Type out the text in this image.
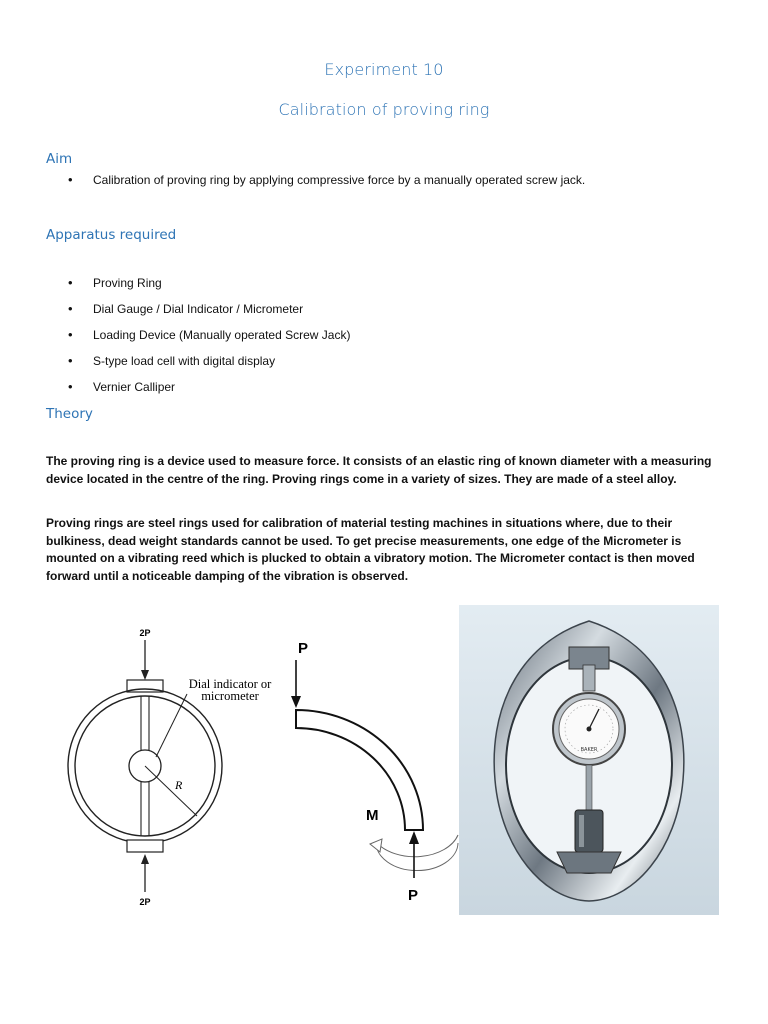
Experiment 10
Calibration of proving ring
Aim
• Calibration of proving ring by applying compressive force by a manually operated screw jack.
Apparatus required
• Proving Ring
• Dial Gauge / Dial Indicator / Micrometer
• Loading Device (Manually operated Screw Jack)
• S-type load cell with digital display
• Vernier Calliper
Theory

The proving ring is a device used to measure force. It consists of an elastic ring of known diameter with a measuring device located in the centre of the ring. Proving rings come in a variety of sizes. They are made of a steel alloy.

Proving rings are steel rings used for calibration of material testing machines in situations where, due to their bulkiness, dead weight standards cannot be used. To get precise measurements, one edge of the Micrometer is mounted on a vibrating reed which is plucked to obtain a vibratory motion. The Micrometer contact is then moved forward until a noticeable damping of the vibration is observed.

2P
R
Dial indicator or
micrometer
2P
P
M
P
BAKER
